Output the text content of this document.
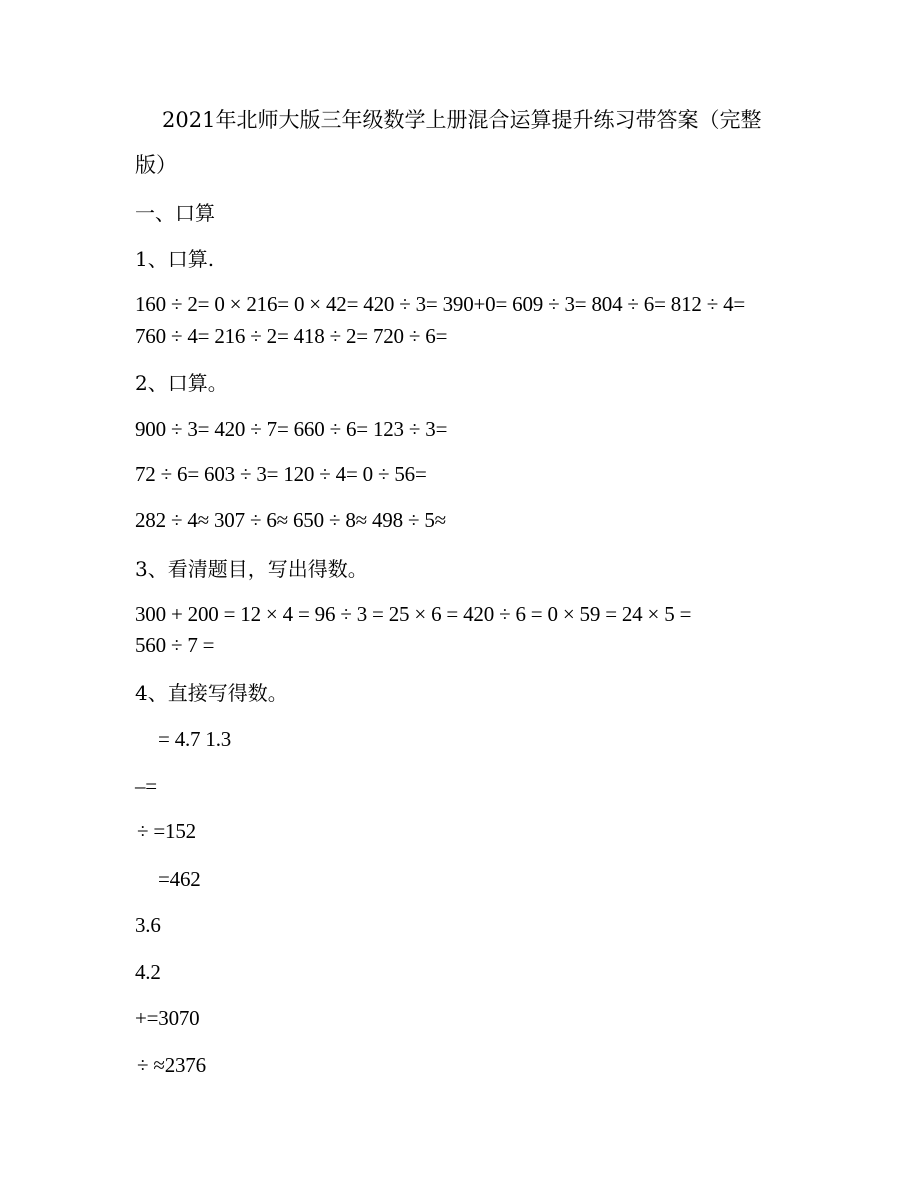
2021年北师大版三年级数学上册混合运算提升练习带答案（完整
版）
一、口算
1、口算.
160 ÷ 2= 0 × 216= 0 × 42= 420 ÷ 3= 390+0= 609 ÷ 3= 804 ÷ 6= 812 ÷ 4=
760 ÷ 4= 216 ÷ 2= 418 ÷ 2= 720 ÷ 6=
2、口算。
900 ÷ 3= 420 ÷ 7= 660 ÷ 6= 123 ÷ 3=
72 ÷ 6= 603 ÷ 3= 120 ÷ 4= 0 ÷ 56=
282 ÷ 4≈ 307 ÷ 6≈ 650 ÷ 8≈ 498 ÷ 5≈
3、看清题目，写出得数。
300 + 200 = 12 × 4 = 96 ÷ 3 = 25 × 6 = 420 ÷ 6 = 0 × 59 = 24 × 5 =
560 ÷ 7 =
4、直接写得数。
= 4.7 1.3
–=
÷ =152
=462
3.6
4.2
+=3070
÷ ≈2376
